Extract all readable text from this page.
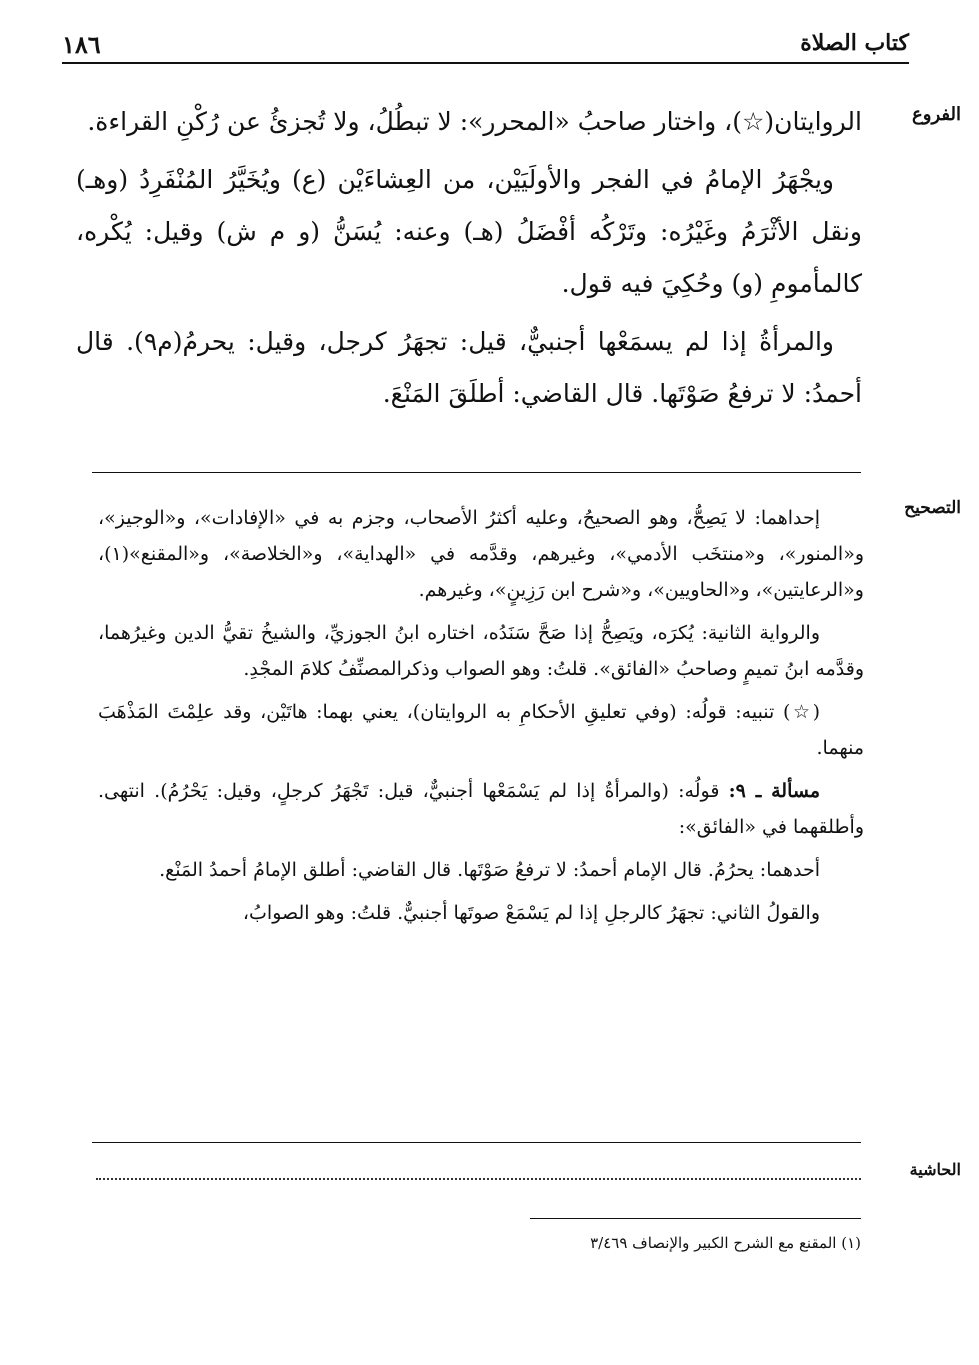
١٨٦	كتاب الصلاة
الفروع

الروايتان(☆)، واختار صاحبُ «المحرر»: لا تبطُلُ، ولا تُجزئُ عن رُكْنِ القراءة.

ويجْهَرُ الإمامُ في الفجر والأولَيَيْن، من العِشاءَيْن (ع) ويُخَيَّرُ المُنْفَرِدُ (وهـ) ونقل الأثْرَمُ وغَيْرُه: وتَرْكُه أفْضَلُ (هـ) وعنه: يُسَنُّ (و م ش) وقيل: يُكْره، كالمأمومِ (و) وحُكِيَ فيه قول.

والمرأةُ إذا لم يسمَعْها أجنبيٌّ، قيل: تجهَرُ كرجل، وقيل: يحرمُ(م٩). قال أحمدُ: لا ترفعُ صَوْتَها. قال القاضي: أطلَقَ المَنْعَ.

التصحيح

إحداهما: لا يَصِحُّ، وهو الصحيحُ، وعليه أكثرُ الأصحاب، وجزم به في «الإفادات»، و«الوجيز»، و«المنور»، و«منتخَب الأدمي»، وغيرهم، وقدَّمه في «الهداية»، و«الخلاصة»، و«المقنع»(١)، و«الرعايتين»، و«الحاويين»، و«شرح ابن رَزِينٍ»، وغيرهم.

والرواية الثانية: يُكرَه، ويَصِحُّ إذا صَحَّ سَنَدُه، اختاره ابنُ الجوزيِّ، والشيخُ تقيُّ الدين وغيرُهما، وقدَّمه ابنُ تميمٍ وصاحبُ «الفائق». قلتُ: وهو الصواب وذكرالمصنِّفُ كلامَ المجْدِ.

(☆) تنبيه: قولُه: (وفي تعليقِ الأحكامِ به الروايتان)، يعني بهما: هاتَيْن، وقد علِمْتَ المَذْهَبَ منهما.

مسألة ـ ٩: قولُه: (والمرأةُ إذا لم يَسْمَعْها أجنبيٌّ، قيل: تَجْهَرُ كرجلٍ، وقيل: يَحْرُمُ). انتهى. وأطلقهما في «الفائق»:

أحدهما: يحرُمُ. قال الإمام أحمدُ: لا ترفعُ صَوْتَها. قال القاضي: أطلق الإمامُ أحمدُ المَنْع.

والقولُ الثاني: تجهَرُ كالرجلِ إذا لم يَسْمَعْ صوتَها أجنبيٌّ. قلتُ: وهو الصوابُ،

الحاشية
(١) المقنع مع الشرح الكبير والإنصاف ٣/٤٦٩
